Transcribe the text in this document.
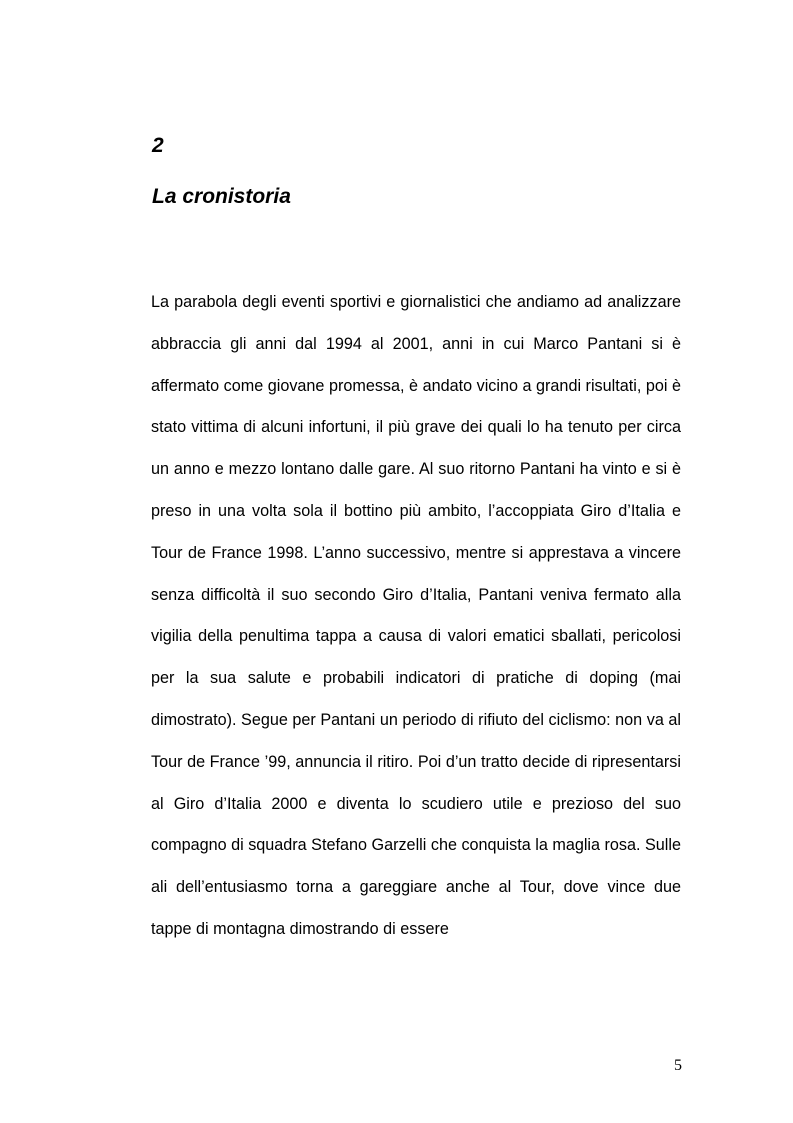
2
La cronistoria

La parabola degli eventi sportivi e giornalistici che andiamo ad analizzare abbraccia gli anni dal 1994 al 2001, anni in cui Marco Pantani si è affermato come giovane promessa, è andato vicino a grandi risultati, poi è stato vittima di alcuni infortuni, il più grave dei quali lo ha tenuto per circa un anno e mezzo lontano dalle gare. Al suo ritorno Pantani ha vinto e si è preso in una volta sola il bottino più ambito, l’accoppiata Giro d’Italia e Tour de France 1998. L’anno successivo, mentre si apprestava a vincere senza difficoltà il suo secondo Giro d’Italia, Pantani veniva fermato alla vigilia della penultima tappa a causa di valori ematici sballati, pericolosi per la sua salute e probabili indicatori di pratiche di doping (mai dimostrato). Segue per Pantani un periodo di rifiuto del ciclismo: non va al Tour de France ’99, annuncia il ritiro. Poi d’un tratto decide di ripresentarsi al Giro d’Italia 2000 e diventa lo scudiero utile e prezioso del suo compagno di squadra Stefano Garzelli che conquista la maglia rosa. Sulle ali dell’entusiasmo torna a gareggiare anche al Tour, dove vince due tappe di montagna dimostrando di essere

5
